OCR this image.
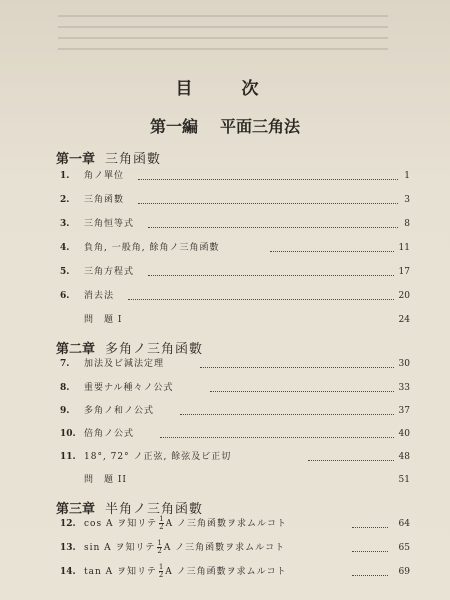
目　次
第一編 平面三角法
第一章 三角函數
1.	角ノ單位	1
2.	三角函數	3
3.	三角恒等式	8
4.	負角, 一般角, 餘角ノ三角函數	11
5.	三角方程式	17
6.	消去法	20
問　題 I	24
第二章 多角ノ三角函數
7.	加法及ビ減法定理	30
8.	重要ナル種々ノ公式	33
9.	多角ノ和ノ公式	37
10. 倍角ノ公式	40
11. 18°, 72° ノ正弦, 餘弦及ビ正切	48
問　題 II	51
第三章 半角ノ三角函數
12. cos A ヲ知リテ $\frac{1}{2}$ A ノ三角函數ヲ求ムルコト	64
13. sin A ヲ知リテ $\frac{1}{2}$ A ノ三角函數ヲ求ムルコト	65
14. tan A ヲ知リテ $\frac{1}{2}$ A ノ三角函數ヲ求ムルコト	69
